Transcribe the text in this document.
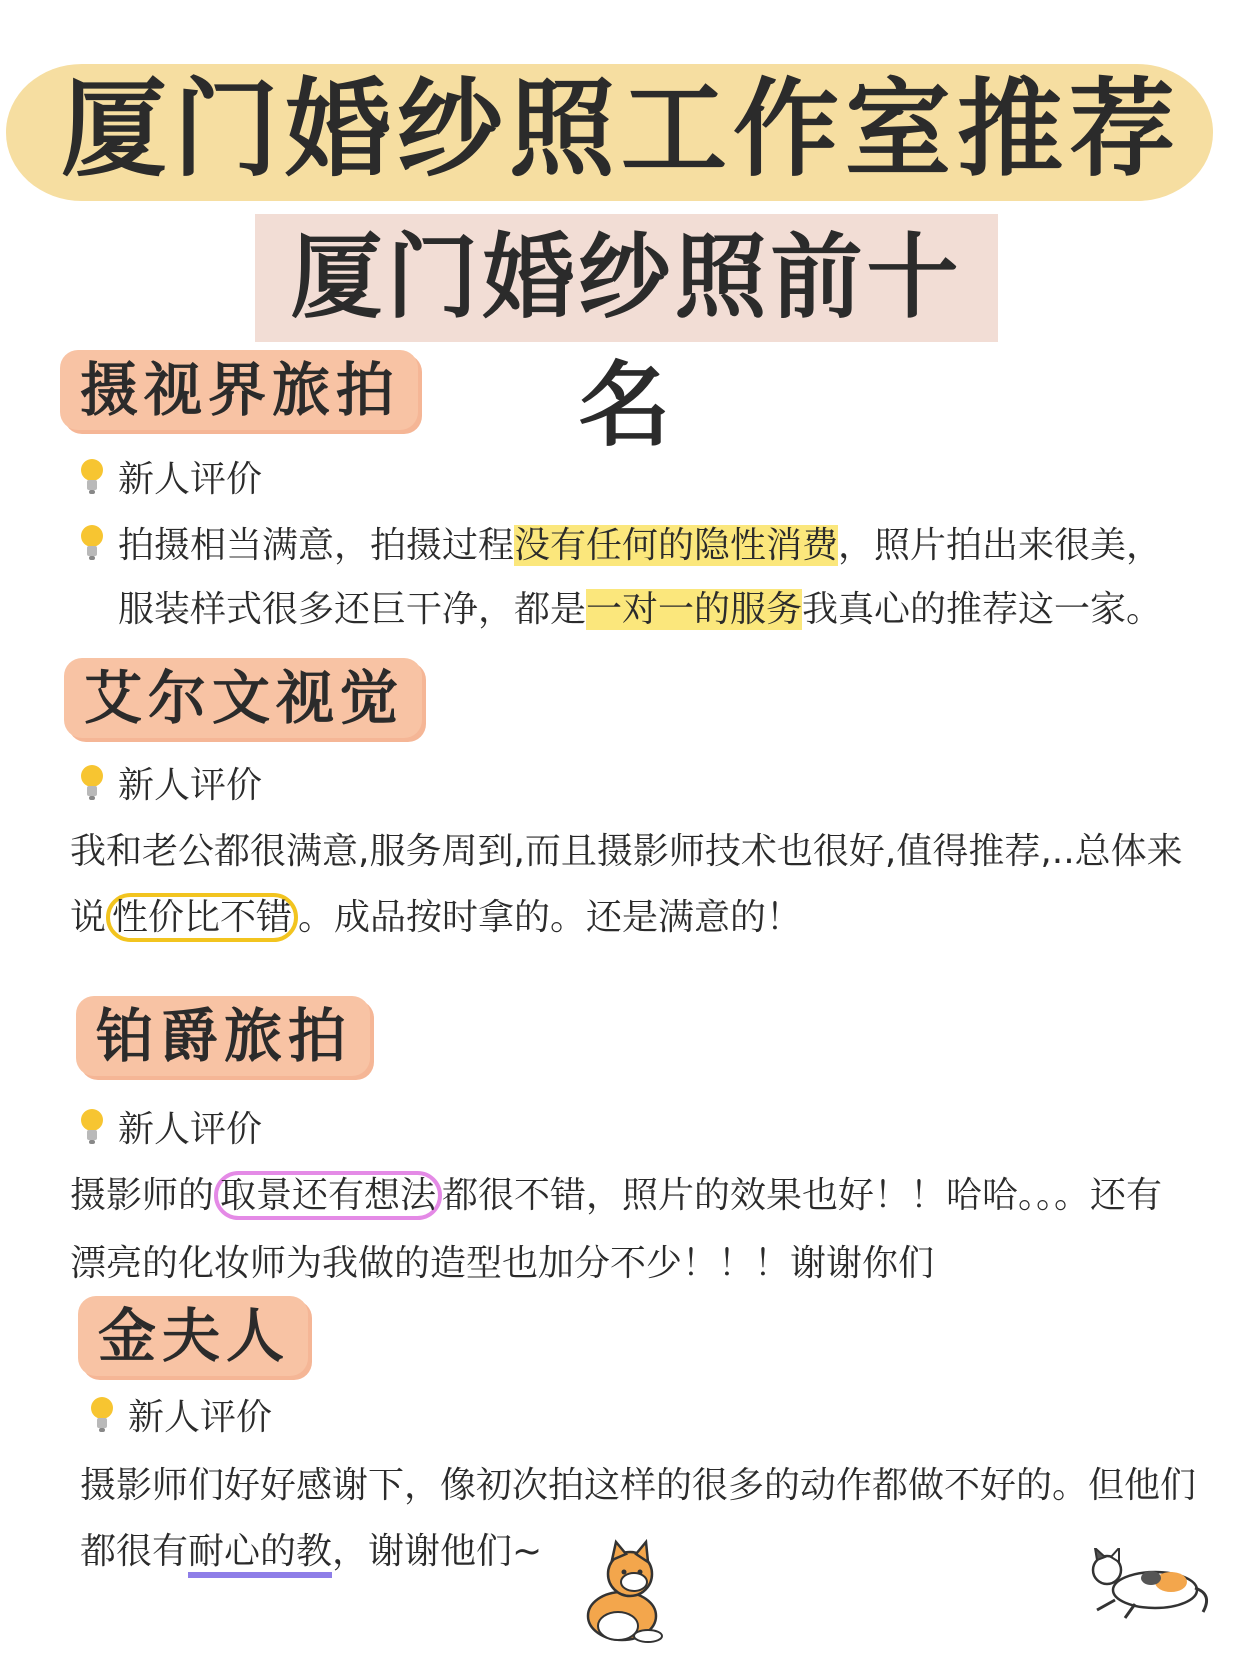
厦门婚纱照工作室推荐
厦门婚纱照前十名
摄视界旅拍
新人评价
拍摄相当满意，拍摄过程没有任何的隐性消费，照片拍出来很美，
服装样式很多还巨干净，都是一对一的服务我真心的推荐这一家。
艾尔文视觉
新人评价
我和老公都很满意,服务周到,而且摄影师技术也很好,值得推荐,..总体来
说 性价比不错 。成品按时拿的。还是满意的！
铂爵旅拍
新人评价
摄影师的 取景还有想法 都很不错，照片的效果也好！！哈哈。。。还有
漂亮的化妆师为我做的造型也加分不少！！！谢谢你们
金夫人
新人评价
摄影师们好好感谢下，像初次拍这样的很多的动作都做不好的。但他们
都很有耐心的教，谢谢他们~
